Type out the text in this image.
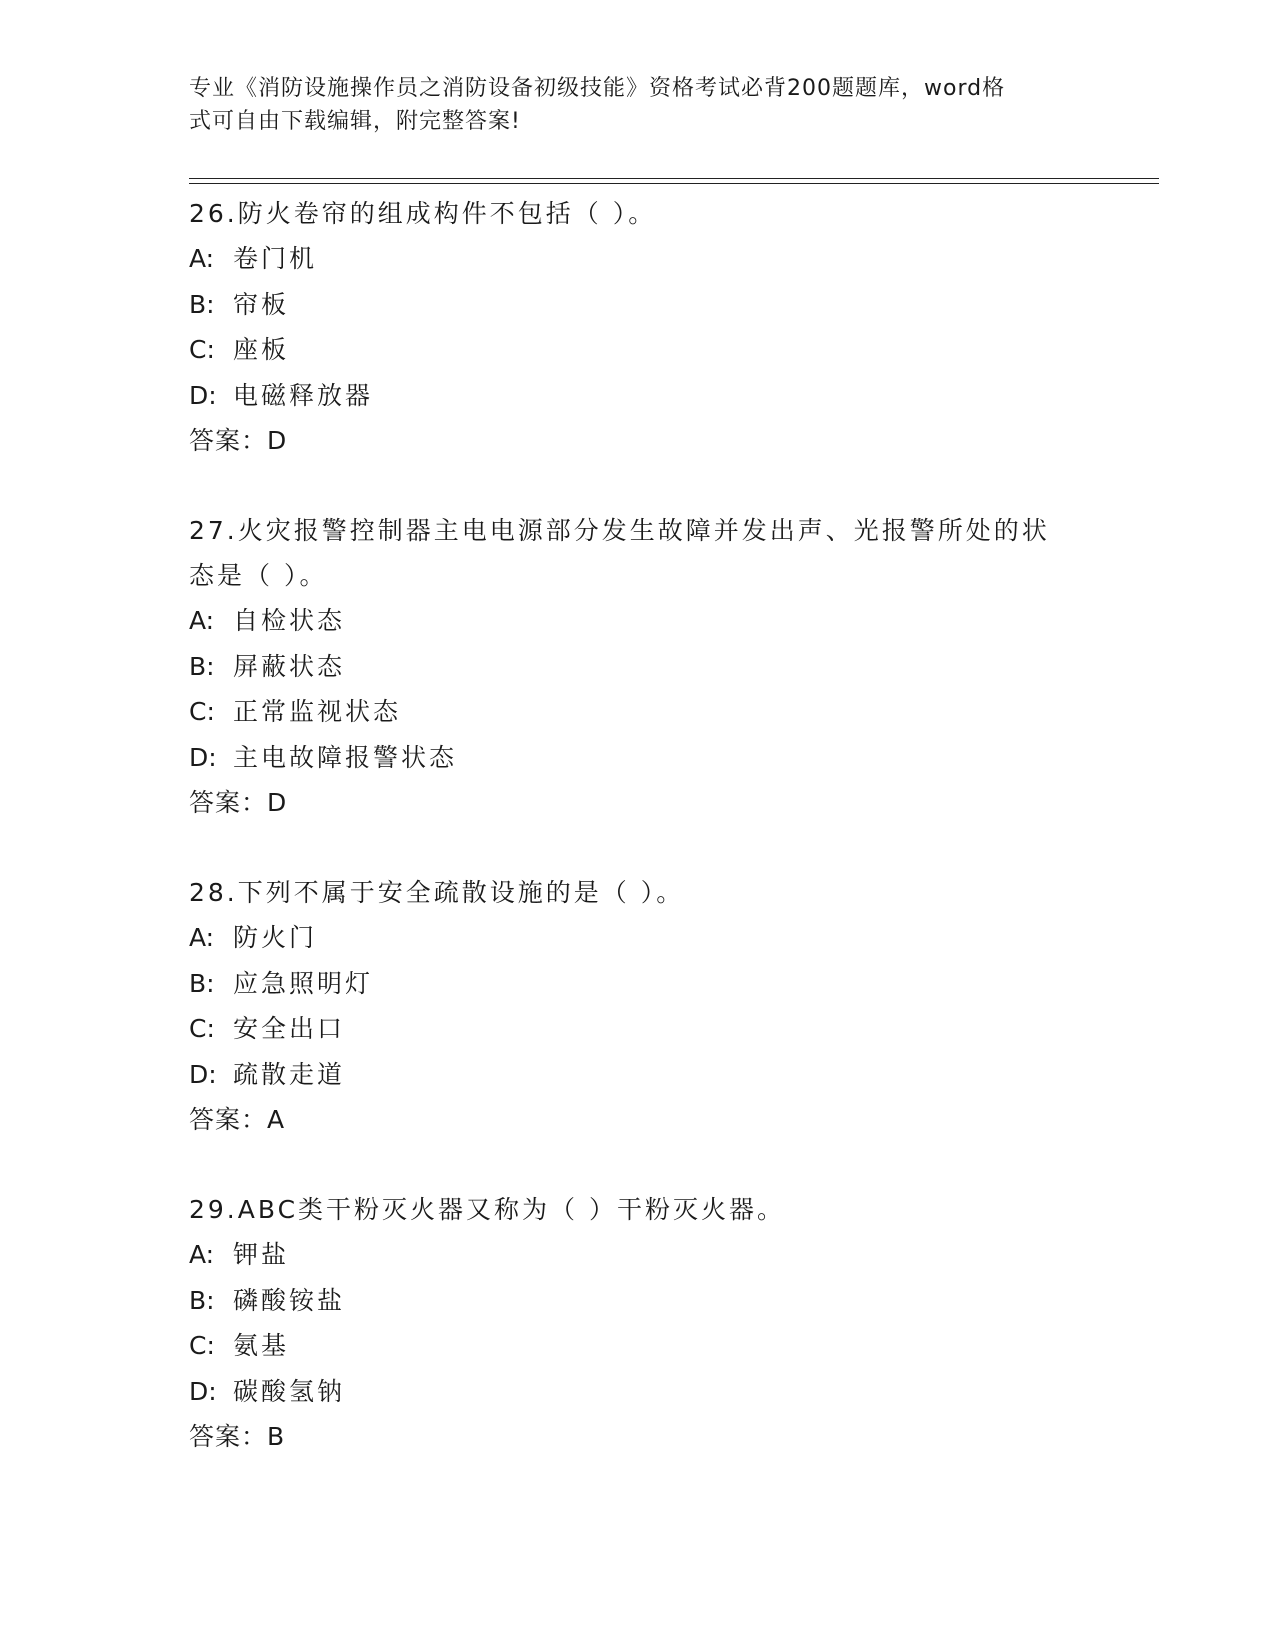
专业《消防设施操作员之消防设备初级技能》资格考试必背200题题库，word格
式可自由下载编辑，附完整答案!

26.防火卷帘的组成构件不包括（ ）。

A: 卷门机

B: 帘板

C: 座板

D: 电磁释放器

答案：D

27.火灾报警控制器主电电源部分发生故障并发出声、光报警所处的状

态是（ ）。

A: 自检状态

B: 屏蔽状态

C: 正常监视状态

D: 主电故障报警状态

答案：D

28.下列不属于安全疏散设施的是（ ）。

A: 防火门

B: 应急照明灯

C: 安全出口

D: 疏散走道

答案：A

29.ABC类干粉灭火器又称为（ ）干粉灭火器。

A: 钾盐

B: 磷酸铵盐

C: 氨基

D: 碳酸氢钠

答案：B
